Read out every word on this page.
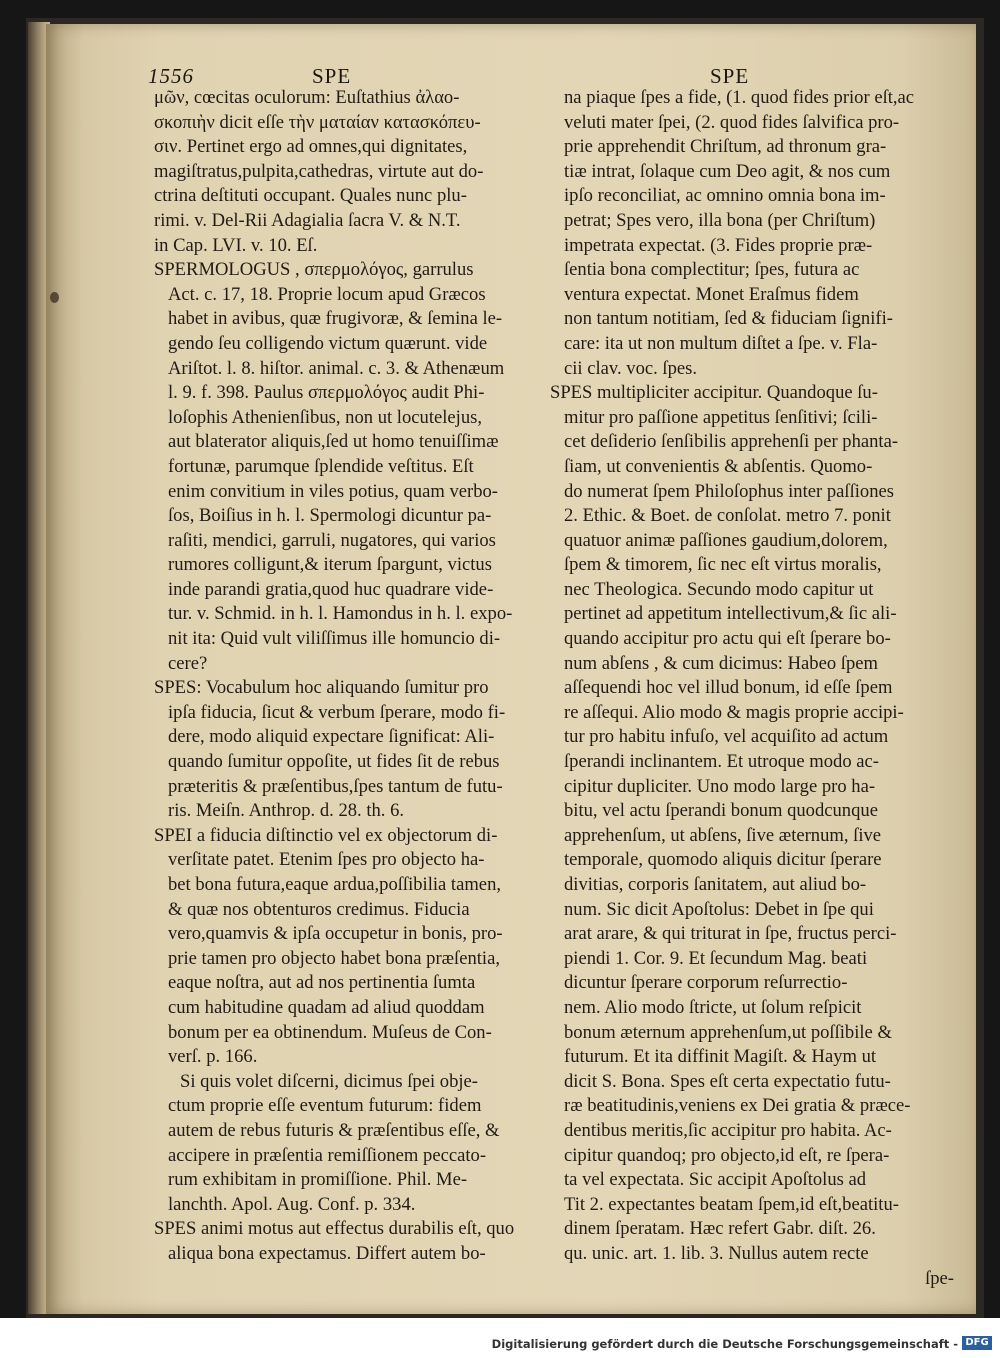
1556	SPE	SPE
μῶν, cœcitas oculorum: Euſtathius ἀλαο-
σκοπιὴν dicit eſſe τὴν ματαίαν κατασκόπευ-
σιν. Pertinet ergo ad omnes,qui dignitates,
magiſtratus,pulpita,cathedras, virtute aut do-
ctrina deſtituti occupant. Quales nunc plu-
rimi. v. Del-Rii Adagialia ſacra V. & N.T.
in Cap. LVI. v. 10. Eſ.
SPERMOLOGUS , σπερμολόγος, garrulus
Act. c. 17, 18. Proprie locum apud Græcos
habet in avibus, quæ frugivoræ, & ſemina le-
gendo ſeu colligendo victum quærunt. vide
Ariſtot. l. 8. hiſtor. animal. c. 3. & Athenæum
l. 9. f. 398. Paulus σπερμολόγος audit Phi-
loſophis Athenienſibus, non ut locutelejus,
aut blaterator aliquis,ſed ut homo tenuiſſimæ
fortunæ, parumque ſplendide veſtitus. Eſt
enim convitium in viles potius, quam verbo-
ſos, Boiſius in h. l. Spermologi dicuntur pa-
raſiti, mendici, garruli, nugatores, qui varios
rumores colligunt,& iterum ſpargunt, victus
inde parandi gratia,quod huc quadrare vide-
tur. v. Schmid. in h. l. Hamondus in h. l. expo-
nit ita: Quid vult viliſſimus ille homuncio di-
cere?
SPES: Vocabulum hoc aliquando ſumitur pro
ipſa fiducia, ſicut & verbum ſperare, modo fi-
dere, modo aliquid expectare ſignificat: Ali-
quando ſumitur oppoſite, ut fides ſit de rebus
præteritis & præſentibus,ſpes tantum de futu-
ris. Meiſn. Anthrop. d. 28. th. 6.
SPEI a fiducia diſtinctio vel ex objectorum di-
verſitate patet. Etenim ſpes pro objecto ha-
bet bona futura,eaque ardua,poſſibilia tamen,
& quæ nos obtenturos credimus. Fiducia
vero,quamvis & ipſa occupetur in bonis, pro-
prie tamen pro objecto habet bona præſentia,
eaque noſtra, aut ad nos pertinentia ſumta
cum habitudine quadam ad aliud quoddam
bonum per ea obtinendum. Muſeus de Con-
verſ. p. 166.
Si quis volet diſcerni, dicimus ſpei obje-
ctum proprie eſſe eventum futurum: fidem
autem de rebus futuris & præſentibus eſſe, &
accipere in præſentia remiſſionem peccato-
rum exhibitam in promiſſione. Phil. Me-
lanchth. Apol. Aug. Conf. p. 334.
SPES animi motus aut effectus durabilis eſt, quo
aliqua bona expectamus. Differt autem bo-
na piaque ſpes a fide, (1. quod fides prior eſt,ac
veluti mater ſpei, (2. quod fides ſalvifica pro-
prie apprehendit Chriſtum, ad thronum gra-
tiæ intrat, ſolaque cum Deo agit, & nos cum
ipſo reconciliat, ac omnino omnia bona im-
petrat; Spes vero, illa bona (per Chriſtum)
impetrata expectat. (3. Fides proprie præ-
ſentia bona complectitur; ſpes, futura ac
ventura expectat. Monet Eraſmus fidem
non tantum notitiam, ſed & fiduciam ſignifi-
care: ita ut non multum diſtet a ſpe. v. Fla-
cii clav. voc. ſpes.
SPES multipliciter accipitur. Quandoque ſu-
mitur pro paſſione appetitus ſenſitivi; ſcili-
cet deſiderio ſenſibilis apprehenſi per phanta-
ſiam, ut convenientis & abſentis. Quomo-
do numerat ſpem Philoſophus inter paſſiones
2. Ethic. & Boet. de conſolat. metro 7. ponit
quatuor animæ paſſiones gaudium,dolorem,
ſpem & timorem, ſic nec eſt virtus moralis,
nec Theologica. Secundo modo capitur ut
pertinet ad appetitum intellectivum,& ſic ali-
quando accipitur pro actu qui eſt ſperare bo-
num abſens , & cum dicimus: Habeo ſpem
aſſequendi hoc vel illud bonum, id eſſe ſpem
re aſſequi. Alio modo & magis proprie accipi-
tur pro habitu infuſo, vel acquiſito ad actum
ſperandi inclinantem. Et utroque modo ac-
cipitur dupliciter. Uno modo large pro ha-
bitu, vel actu ſperandi bonum quodcunque
apprehenſum, ut abſens, ſive æternum, ſive
temporale, quomodo aliquis dicitur ſperare
divitias, corporis ſanitatem, aut aliud bo-
num. Sic dicit Apoſtolus: Debet in ſpe qui
arat arare, & qui triturat in ſpe, fructus perci-
piendi 1. Cor. 9. Et ſecundum Mag. beati
dicuntur ſperare corporum reſurrectio-
nem. Alio modo ſtricte, ut ſolum reſpicit
bonum æternum apprehenſum,ut poſſibile &
futurum. Et ita diffinit Magiſt. & Haym ut
dicit S. Bona. Spes eſt certa expectatio futu-
ræ beatitudinis,veniens ex Dei gratia & præce-
dentibus meritis,ſic accipitur pro habita. Ac-
cipitur quandoq; pro objecto,id eſt, re ſpera-
ta vel expectata. Sic accipit Apoſtolus ad
Tit 2. expectantes beatam ſpem,id eſt,beatitu-
dinem ſperatam. Hæc refert Gabr. diſt. 26.
qu. unic. art. 1. lib. 3. Nullus autem recte
ſpe-
Digitalisierung gefördert durch die Deutsche Forschungsgemeinschaft - DFG
